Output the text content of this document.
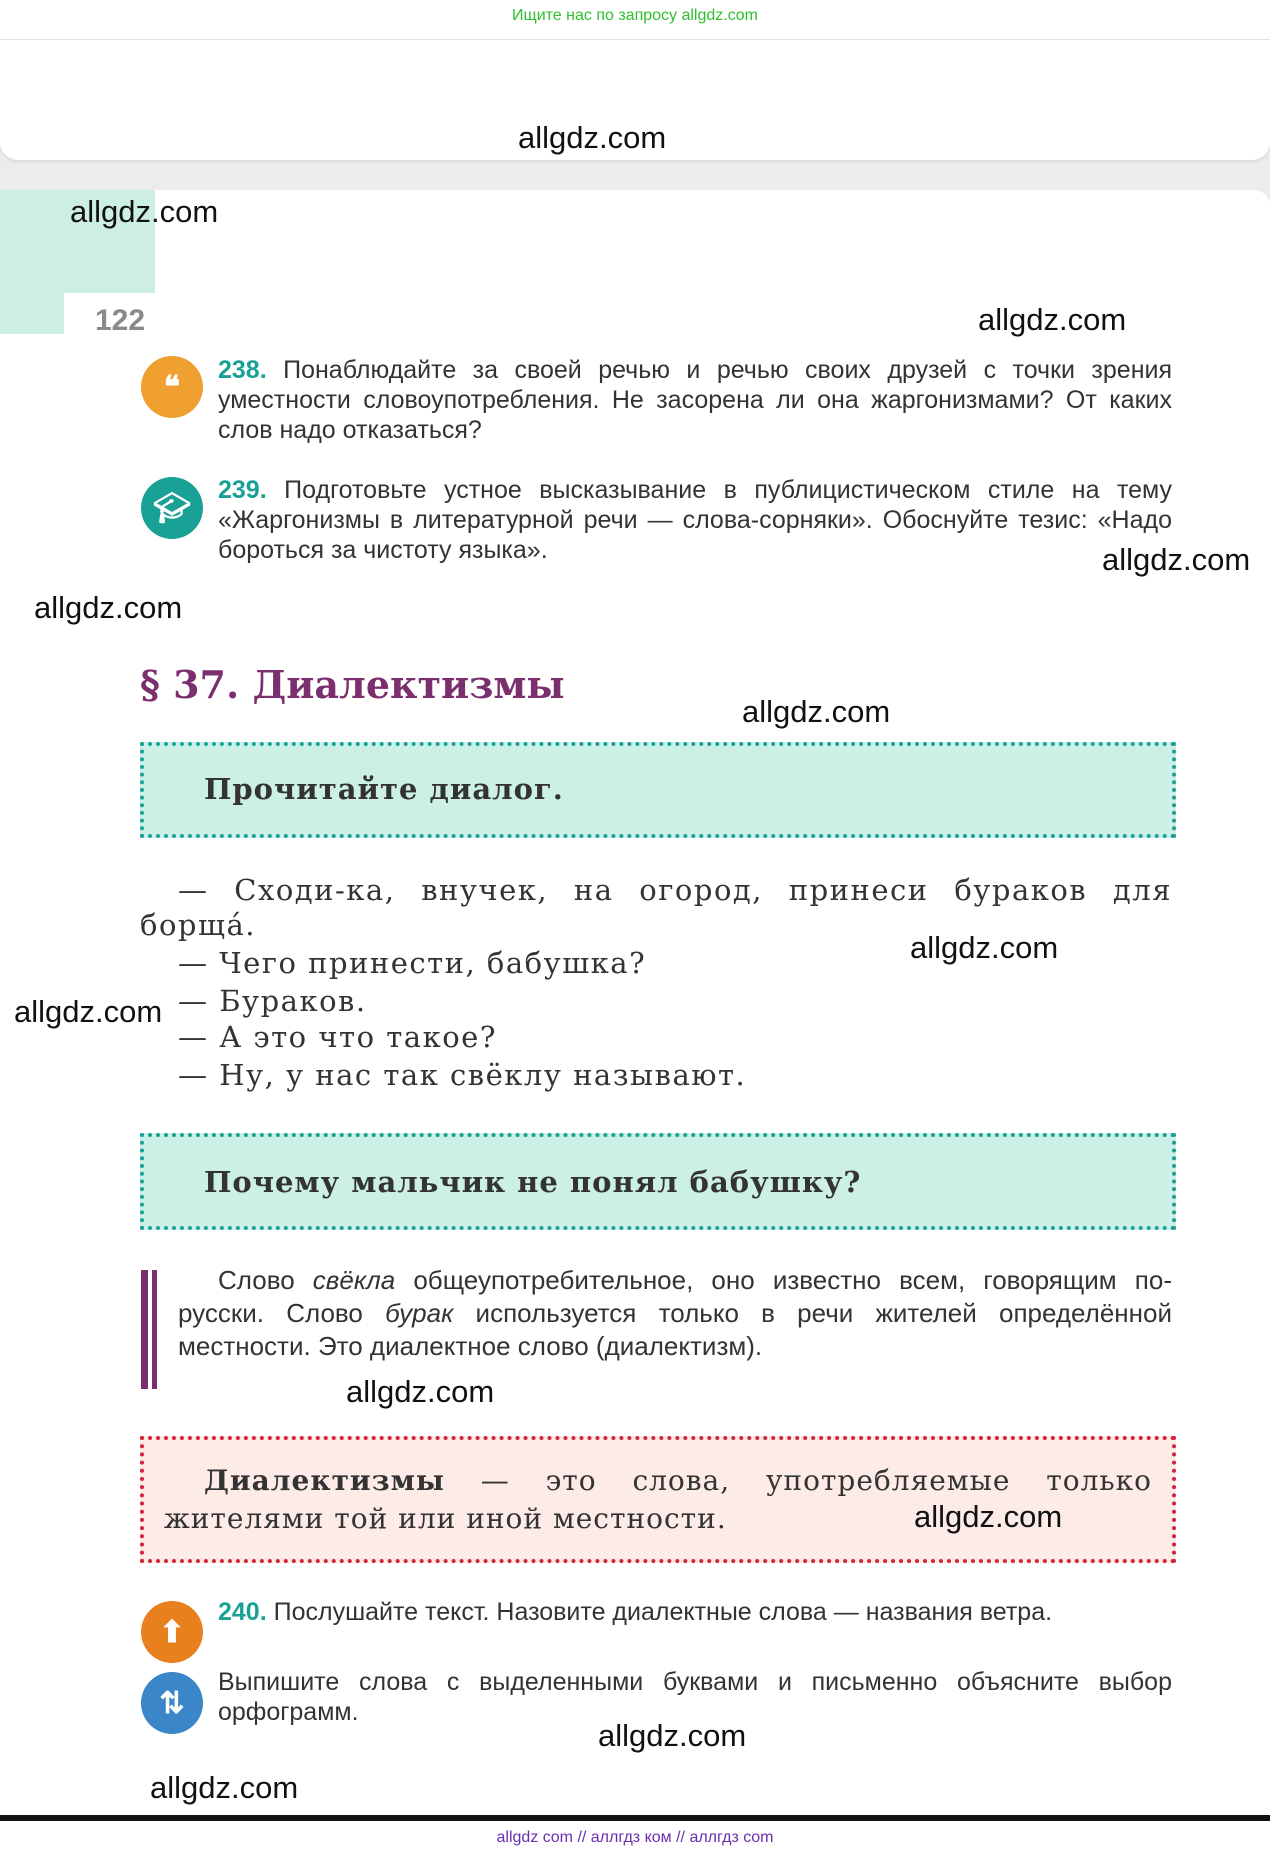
Ищите нас по запросу allgdz.com
allgdz.com
122
❝
238. Понаблюдайте за своей речью и речью своих друзей с точки зрения уместности словоупотребления. Не засорена ли она жаргонизмами? От каких слов надо отказаться?
🎓︎
239. Подготовьте устное высказывание в публицистическом стиле на тему «Жаргонизмы в литературной речи — слова-сорняки». Обоснуйте тезис: «Надо бороться за чистоту языка».
§ 37. Диалектизмы
Прочитайте диалог.
— Сходи-ка, внучек, на огород, принеси бураков для
борщá.
— Чего принести, бабушка?
— Бураков.
— А это что такое?
— Ну, у нас так свёклу называют.
Почему мальчик не понял бабушку?
Слово свёкла общеупотребительное, оно известно всем, говорящим по-русски. Слово бурак используется только в речи жителей определённой местности. Это диалектное слово (диалектизм).
Диалектизмы — это слова, употребляемые только жителями той или иной местности.
⬆
240. Послушайте текст. Назовите диалектные слова — названия ветра.
⇅
Выпишите слова с выделенными буквами и письменно объясните выбор орфограмм.
allgdz.com
allgdz.com
allgdz.com
allgdz.com
allgdz.com
allgdz.com
allgdz.com
allgdz.com
allgdz.com
allgdz.com
allgdz.com
allgdz com // аллгдз ком // аллгдз com
